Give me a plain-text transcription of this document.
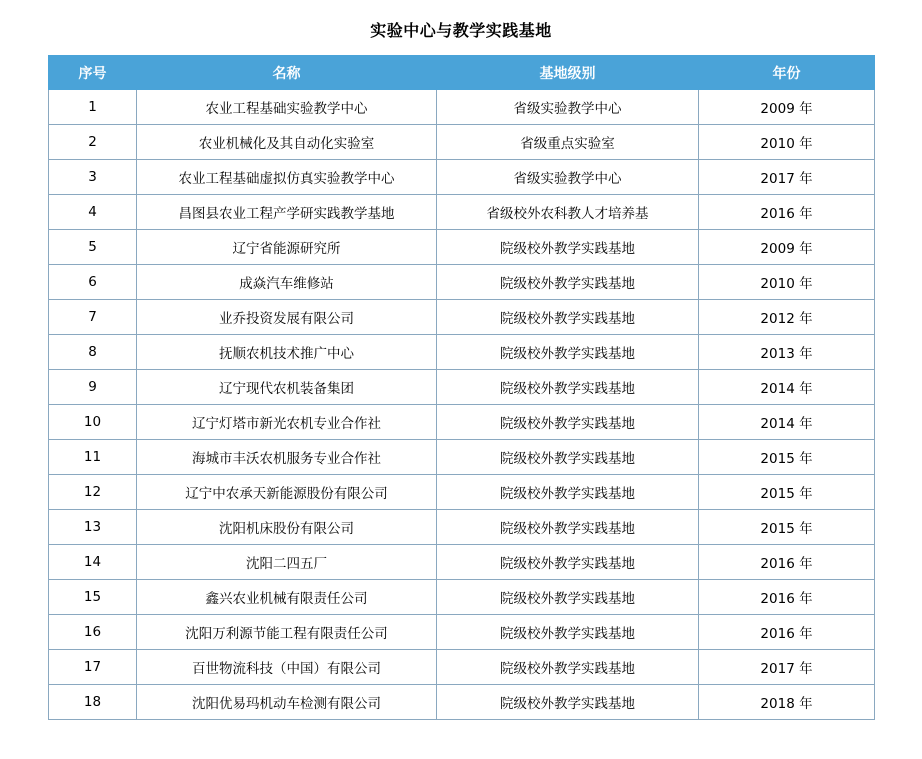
实验中心与教学实践基地
序号	名称	基地级别	年份
1	农业工程基础实验教学中心	省级实验教学中心	2009 年
2	农业机械化及其自动化实验室	省级重点实验室	2010 年
3	农业工程基础虚拟仿真实验教学中心	省级实验教学中心	2017 年
4	昌图县农业工程产学研实践教学基地	省级校外农科教人才培养基	2016 年
5	辽宁省能源研究所	院级校外教学实践基地	2009 年
6	成焱汽车维修站	院级校外教学实践基地	2010 年
7	业乔投资发展有限公司	院级校外教学实践基地	2012 年
8	抚顺农机技术推广中心	院级校外教学实践基地	2013 年
9	辽宁现代农机装备集团	院级校外教学实践基地	2014 年
10	辽宁灯塔市新光农机专业合作社	院级校外教学实践基地	2014 年
11	海城市丰沃农机服务专业合作社	院级校外教学实践基地	2015 年
12	辽宁中农承天新能源股份有限公司	院级校外教学实践基地	2015 年
13	沈阳机床股份有限公司	院级校外教学实践基地	2015 年
14	沈阳二四五厂	院级校外教学实践基地	2016 年
15	鑫兴农业机械有限责任公司	院级校外教学实践基地	2016 年
16	沈阳万利源节能工程有限责任公司	院级校外教学实践基地	2016 年
17	百世物流科技（中国）有限公司	院级校外教学实践基地	2017 年
18	沈阳优易玛机动车检测有限公司	院级校外教学实践基地	2018 年
